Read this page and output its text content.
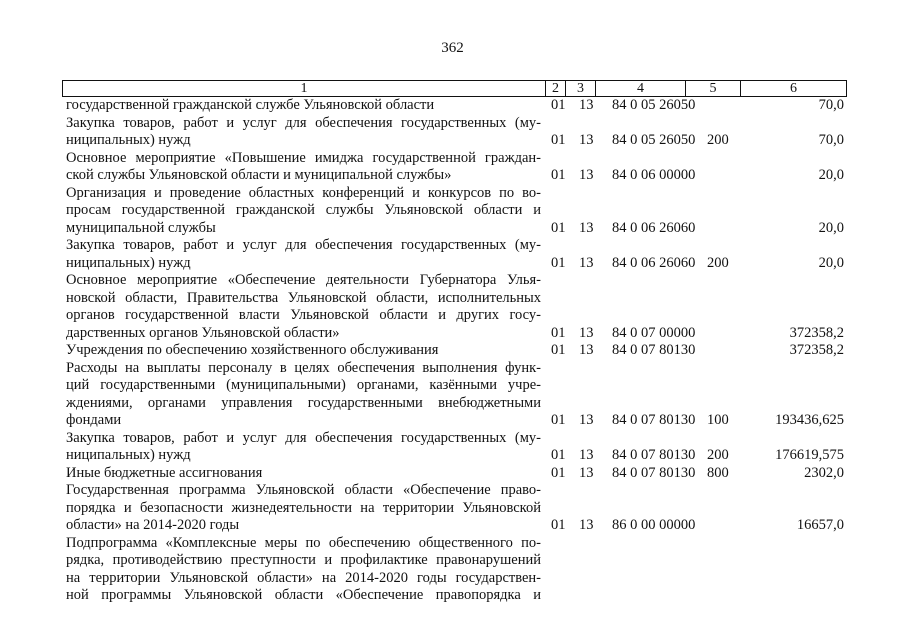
362
1	2	3	4	5	6
государственной гражданской службе Ульяновской области	01 13	84 0 05 26050	70,0
Закупка товаров, работ и услуг для обеспечения государственных (му-
ниципальных) нужд	01 13	84 0 05 26050 200	70,0
Основное мероприятие «Повышение имиджа государственной граждан-
ской службы Ульяновской области и муниципальной службы»	01 13	84 0 06 00000	20,0
Организация и проведение областных конференций и конкурсов по во-
просам государственной гражданской службы Ульяновской области и
муниципальной службы	01 13	84 0 06 26060	20,0
Закупка товаров, работ и услуг для обеспечения государственных (му-
ниципальных) нужд	01 13	84 0 06 26060 200	20,0
Основное мероприятие «Обеспечение деятельности Губернатора Улья-
новской области, Правительства Ульяновской области, исполнительных
органов государственной власти Ульяновской области и других госу-
дарственных органов Ульяновской области»	01 13	84 0 07 00000	372358,2
Учреждения по обеспечению хозяйственного обслуживания	01 13	84 0 07 80130	372358,2
Расходы на выплаты персоналу в целях обеспечения выполнения функ-
ций государственными (муниципальными) органами, казёнными учре-
ждениями, органами управления государственными внебюджетными
фондами	01 13	84 0 07 80130 100	193436,625
Закупка товаров, работ и услуг для обеспечения государственных (му-
ниципальных) нужд	01 13	84 0 07 80130 200	176619,575
Иные бюджетные ассигнования	01 13	84 0 07 80130 800	2302,0
Государственная программа Ульяновской области «Обеспечение право-
порядка и безопасности жизнедеятельности на территории Ульяновской
области» на 2014-2020 годы	01 13	86 0 00 00000	16657,0
Подпрограмма «Комплексные меры по обеспечению общественного по-
рядка, противодействию преступности и профилактике правонарушений
на территории Ульяновской области» на 2014-2020 годы государствен-
ной программы Ульяновской области «Обеспечение правопорядка и
